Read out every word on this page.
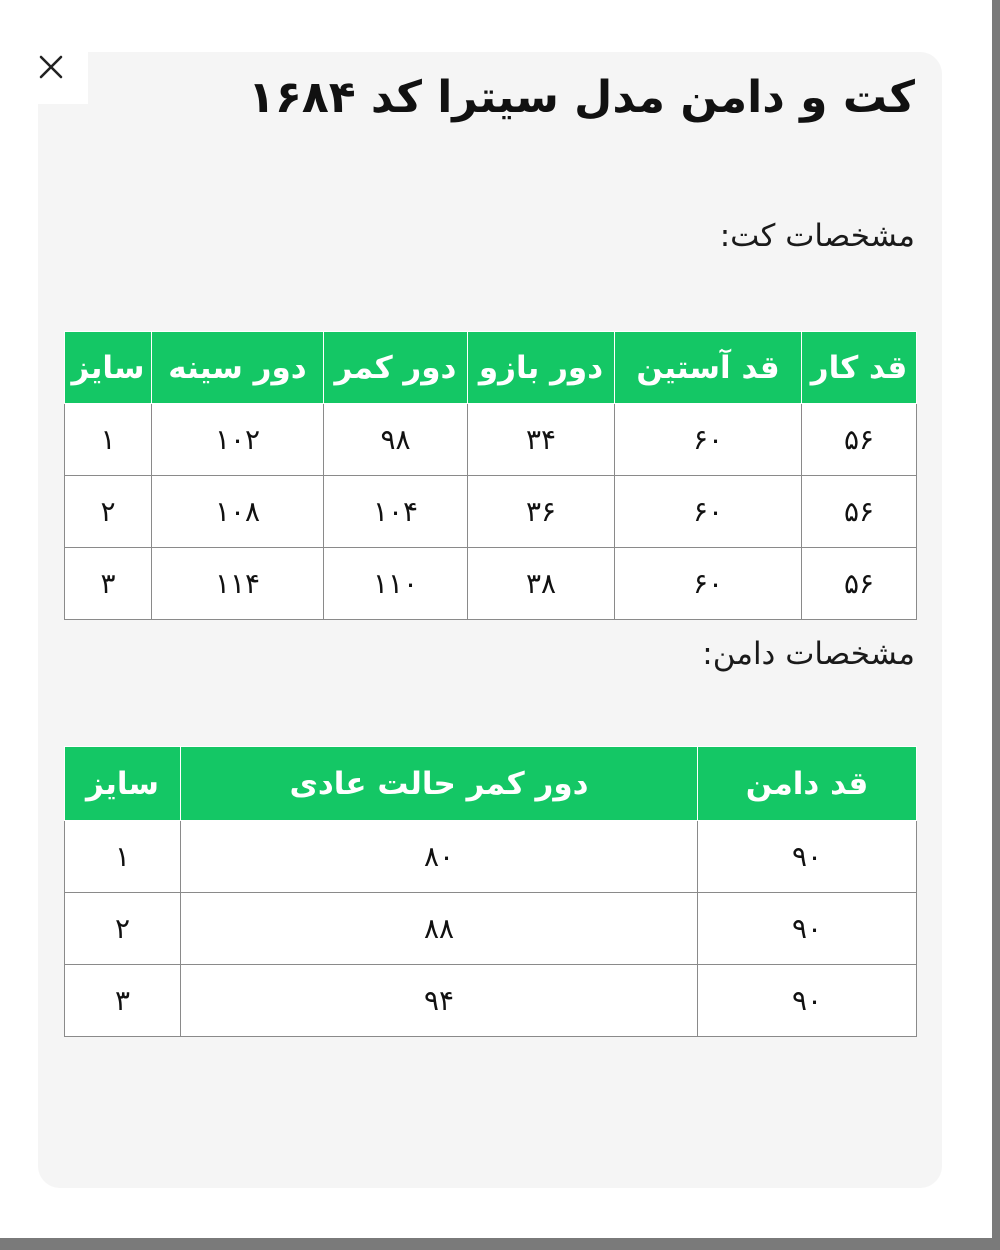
کت و دامن مدل سیترا کد ۱۶۸۴
مشخصات کت:
قد کار	قد آستین	دور بازو	دور کمر	دور سینه	سایز
۵۶	۶۰	۳۴	۹۸	۱۰۲	۱
۵۶	۶۰	۳۶	۱۰۴	۱۰۸	۲
۵۶	۶۰	۳۸	۱۱۰	۱۱۴	۳
مشخصات دامن:
قد دامن	دور کمر حالت عادی	سایز
۹۰	۸۰	۱
۹۰	۸۸	۲
۹۰	۹۴	۳
